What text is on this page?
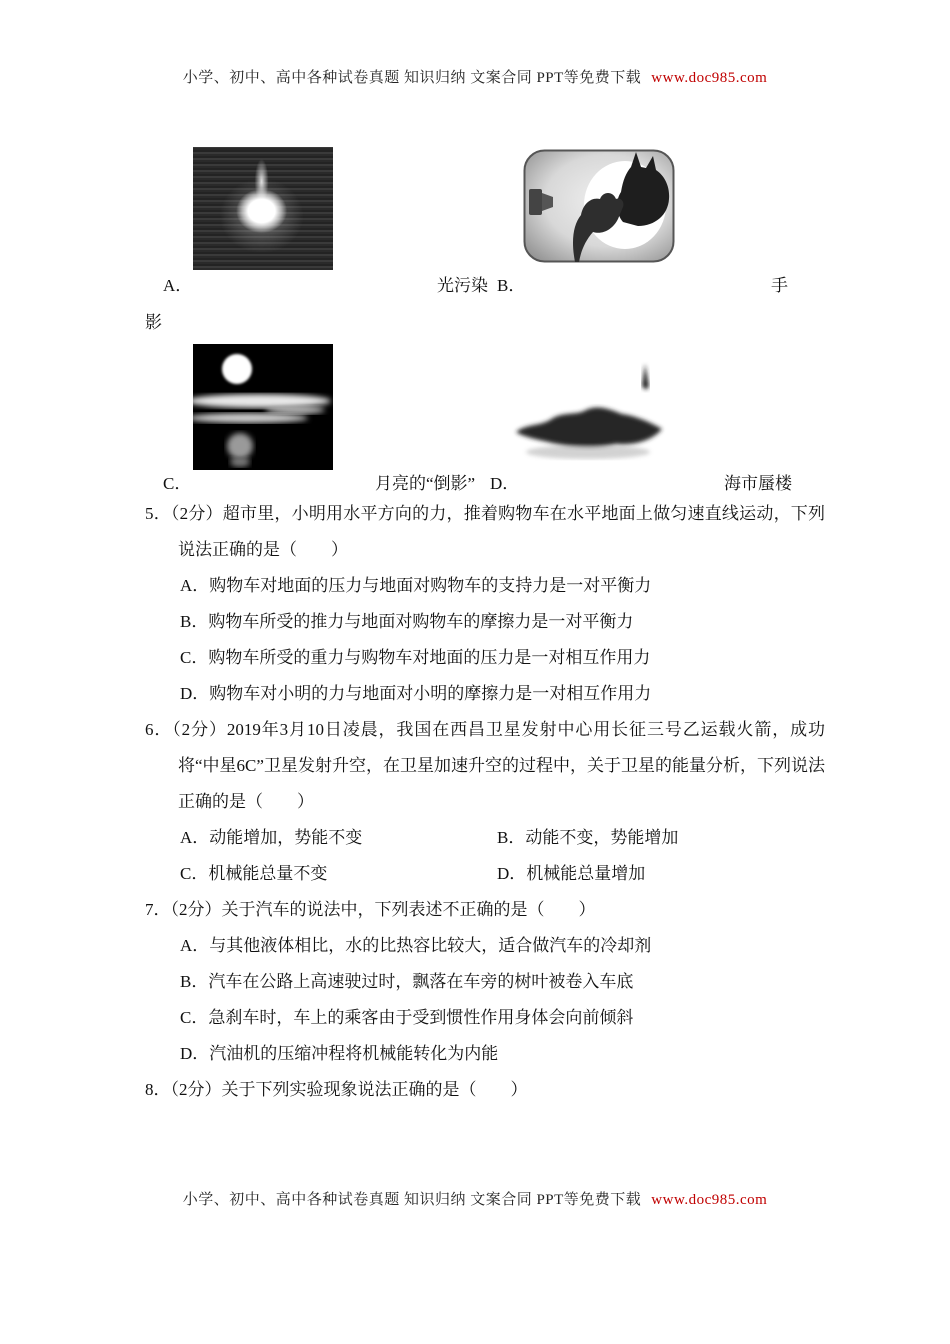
小学、初中、高中各种试卷真题 知识归纳 文案合同 PPT等免费下载 www.doc985.com
A．	光污染 B．	手
影
C．	月亮的“倒影” D．	海市蜃楼

5．（2分）超市里，小明用水平方向的力，推着购物车在水平地面上做匀速直线运动，下列说法正确的是（　　）

A．购物车对地面的压力与地面对购物车的支持力是一对平衡力

B．购物车所受的推力与地面对购物车的摩擦力是一对平衡力

C．购物车所受的重力与购物车对地面的压力是一对相互作用力

D．购物车对小明的力与地面对小明的摩擦力是一对相互作用力

6．（2分）2019年3月10日凌晨，我国在西昌卫星发射中心用长征三号乙运载火箭，成功将“中星6C”卫星发射升空，在卫星加速升空的过程中，关于卫星的能量分析，下列说法正确的是（　　）

A．动能增加，势能不变	B．动能不变，势能增加
C．机械能总量不变	D．机械能总量增加

7．（2分）关于汽车的说法中，下列表述不正确的是（　　）

A．与其他液体相比，水的比热容比较大，适合做汽车的冷却剂

B．汽车在公路上高速驶过时，飘落在车旁的树叶被卷入车底

C．急刹车时，车上的乘客由于受到惯性作用身体会向前倾斜

D．汽油机的压缩冲程将机械能转化为内能

8．（2分）关于下列实验现象说法正确的是（　　）

小学、初中、高中各种试卷真题 知识归纳 文案合同 PPT等免费下载 www.doc985.com
